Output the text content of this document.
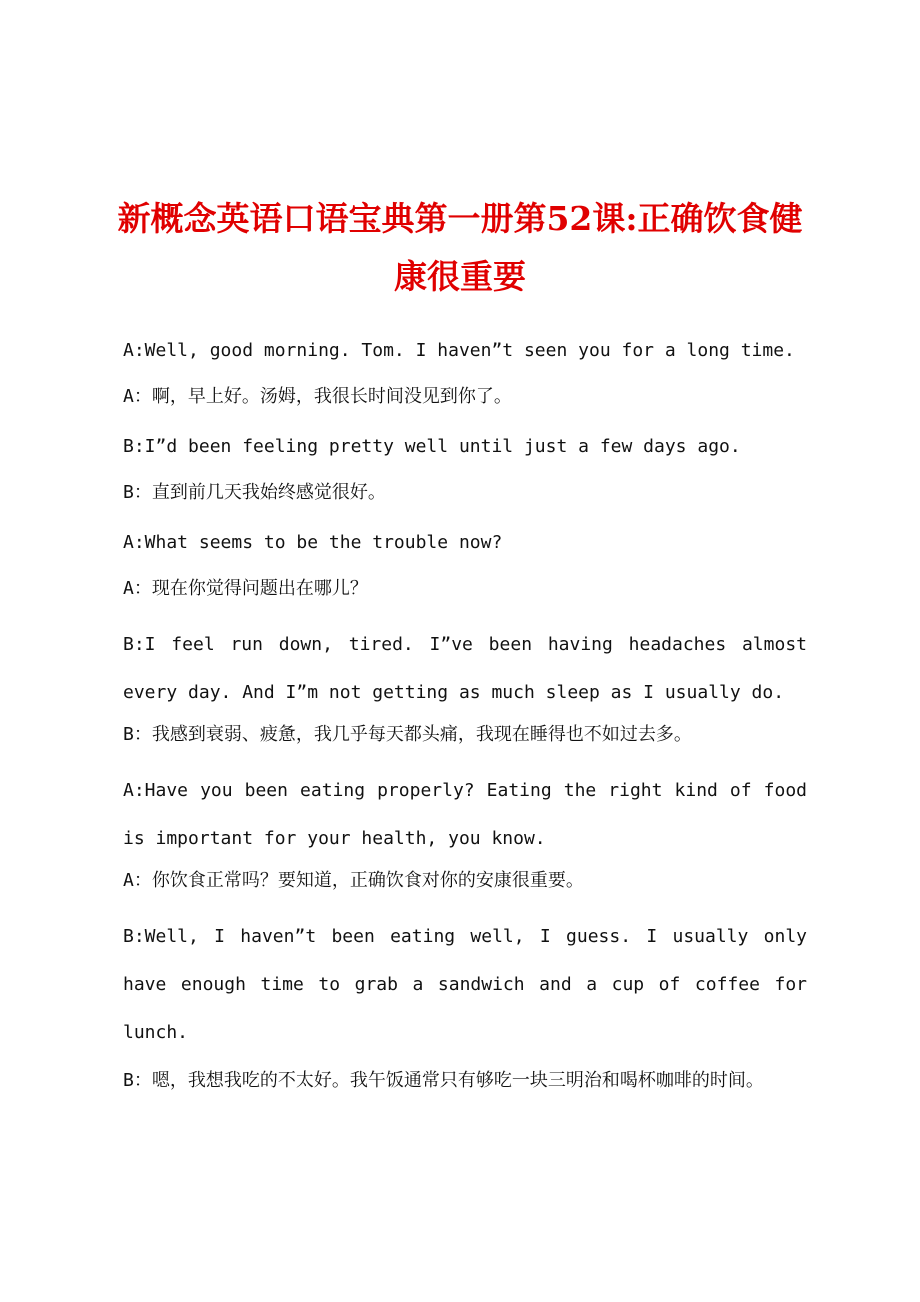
新概念英语口语宝典第一册第52课:正确饮食健康很重要

A:Well, good morning. Tom. I haven”t seen you for a long time.

A：啊，早上好。汤姆，我很长时间没见到你了。

B:I”d been feeling pretty well until just a few days ago.

B：直到前几天我始终感觉很好。

A:What seems to be the trouble now?

A：现在你觉得问题出在哪儿？

B:I feel run down, tired. I”ve been having headaches almost every day. And I”m not getting as much sleep as I usually do.

B：我感到衰弱、疲惫，我几乎每天都头痛，我现在睡得也不如过去多。

A:Have you been eating properly? Eating the right kind of food is important for your health, you know.

A：你饮食正常吗？要知道，正确饮食对你的安康很重要。

B:Well, I haven”t been eating well, I guess. I usually only have enough time to grab a sandwich and a cup of coffee for lunch.

B：嗯，我想我吃的不太好。我午饭通常只有够吃一块三明治和喝杯咖啡的时间。
